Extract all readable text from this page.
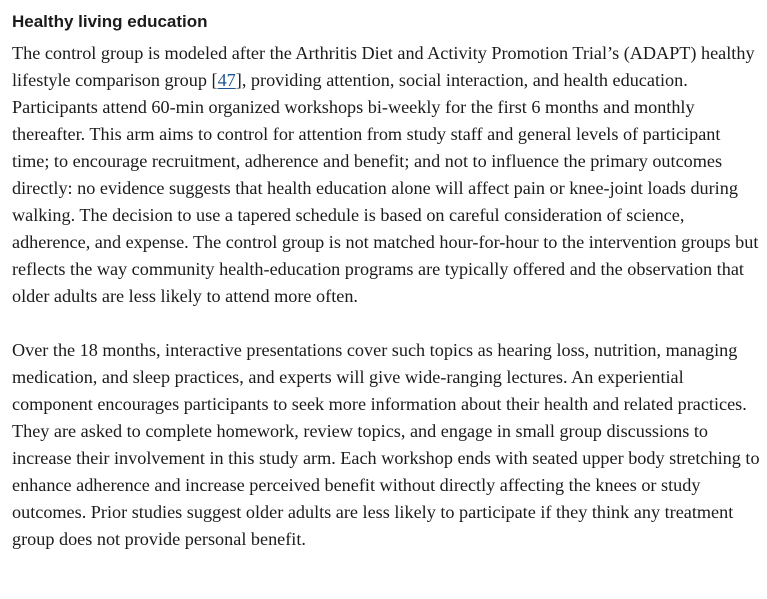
Healthy living education

The control group is modeled after the Arthritis Diet and Activity Promotion Trial’s (ADAPT) healthy lifestyle comparison group [47], providing attention, social interaction, and health education. Participants attend 60-min organized workshops bi-weekly for the first 6 months and monthly thereafter. This arm aims to control for attention from study staff and general levels of participant time; to encourage recruitment, adherence and benefit; and not to influence the primary outcomes directly: no evidence suggests that health education alone will affect pain or knee-joint loads during walking. The decision to use a tapered schedule is based on careful consideration of science, adherence, and expense. The control group is not matched hour-for-hour to the intervention groups but reflects the way community health-education programs are typically offered and the observation that older adults are less likely to attend more often.

Over the 18 months, interactive presentations cover such topics as hearing loss, nutrition, managing medication, and sleep practices, and experts will give wide-ranging lectures. An experiential component encourages participants to seek more information about their health and related practices. They are asked to complete homework, review topics, and engage in small group discussions to increase their involvement in this study arm. Each workshop ends with seated upper body stretching to enhance adherence and increase perceived benefit without directly affecting the knees or study outcomes. Prior studies suggest older adults are less likely to participate if they think any treatment group does not provide personal benefit.
